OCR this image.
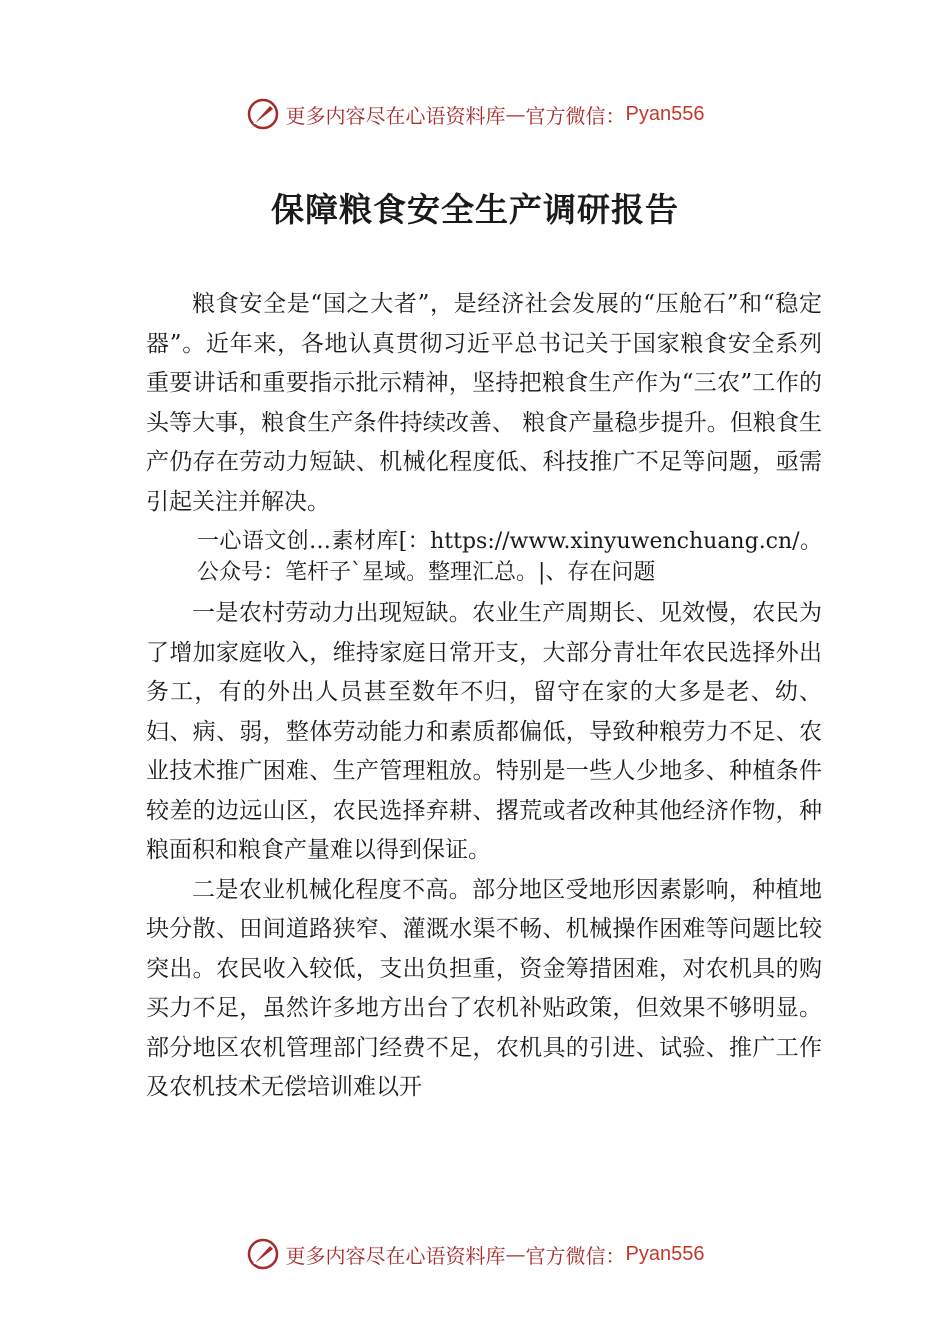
更多内容尽在心语资料库 — 官方微信： Pyan556
保障粮食安全生产调研报告

粮食安全是“国之大者”，是经济社会发展的“压舱石”和“稳定器”。近年来，各地认真贯彻习近平总书记关于国家粮食安全系列重要讲话和重要指示批示精神，坚持把粮食生产作为“三农”工作的头等大事，粮食生产条件持续改善、 粮食产量稳步提升。但粮食生产仍存在劳动力短缺、机械化程度低、科技推广不足等问题，亟需引起关注并解决。

一心语文创…素材库[：https://www.xinyuwenchuang.cn/。公众号：笔杆子`星域。整理汇总。|、存在问题

一是农村劳动力出现短缺。农业生产周期长、见效慢，农民为了增加家庭收入，维持家庭日常开支，大部分青壮年农民选择外出务工，有的外出人员甚至数年不归，留守在家的大多是老、幼、妇、病、弱，整体劳动能力和素质都偏低，导致种粮劳力不足、农业技术推广困难、生产管理粗放。特别是一些人少地多、种植条件较差的边远山区，农民选择弃耕、撂荒或者改种其他经济作物，种粮面积和粮食产量难以得到保证。

二是农业机械化程度不高。部分地区受地形因素影响，种植地块分散、田间道路狭窄、灌溉水渠不畅、机械操作困难等问题比较突出。农民收入较低，支出负担重，资金筹措困难，对农机具的购买力不足，虽然许多地方出台了农机补贴政策，但效果不够明显。部分地区农机管理部门经费不足，农机具的引进、试验、推广工作及农机技术无偿培训难以开

更多内容尽在心语资料库 — 官方微信： Pyan556
